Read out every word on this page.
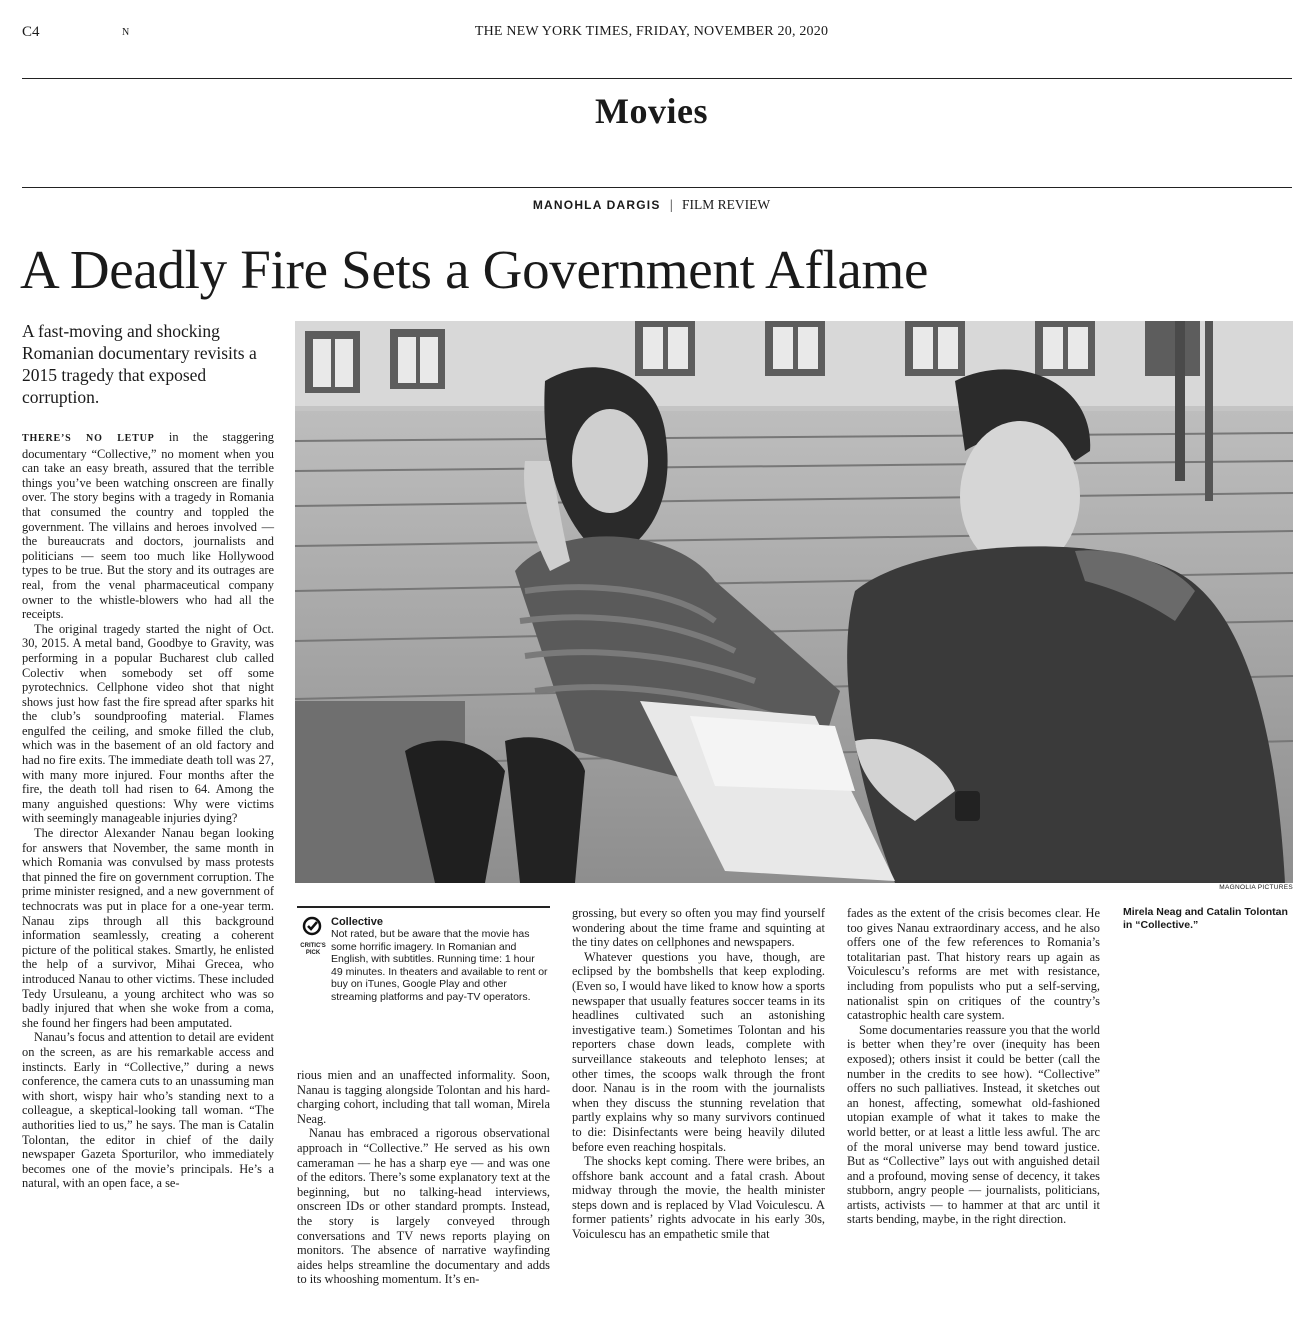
C4	N	THE NEW YORK TIMES, FRIDAY, NOVEMBER 20, 2020
Movies
MANOHLA DARGIS | FILM REVIEW
A Deadly Fire Sets a Government Aflame
A fast-moving and shocking Romanian documentary revisits a 2015 tragedy that exposed corruption.
MAGNOLIA PICTURES
Mirela Neag and Catalin Tolontan in “Collective.”

THERE’S NO LETUP in the staggering documentary “Collective,” no moment when you can take an easy breath, assured that the terrible things you’ve been watching onscreen are finally over. The story begins with a tragedy in Romania that consumed the country and toppled the government. The villains and heroes involved — the bureaucrats and doctors, journalists and politicians — seem too much like Hollywood types to be true. But the story and its outrages are real, from the venal pharmaceutical company owner to the whistle-blowers who had all the receipts.

The original tragedy started the night of Oct. 30, 2015. A metal band, Goodbye to Gravity, was performing in a popular Bucharest club called Colectiv when somebody set off some pyrotechnics. Cellphone video shot that night shows just how fast the fire spread after sparks hit the club’s soundproofing material. Flames engulfed the ceiling, and smoke filled the club, which was in the basement of an old factory and had no fire exits. The immediate death toll was 27, with many more injured. Four months after the fire, the death toll had risen to 64. Among the many anguished questions: Why were victims with seemingly manageable injuries dying?

The director Alexander Nanau began looking for answers that November, the same month in which Romania was convulsed by mass protests that pinned the fire on government corruption. The prime minister resigned, and a new government of technocrats was put in place for a one-year term. Nanau zips through all this background information seamlessly, creating a coherent picture of the political stakes. Smartly, he enlisted the help of a survivor, Mihai Grecea, who introduced Nanau to other victims. These included Tedy Ursuleanu, a young architect who was so badly injured that when she woke from a coma, she found her fingers had been amputated.

Nanau’s focus and attention to detail are evident on the screen, as are his remarkable access and instincts. Early in “Collective,” during a news conference, the camera cuts to an unassuming man with short, wispy hair who’s standing next to a colleague, a skeptical-looking tall woman. “The authorities lied to us,” he says. The man is Catalin Tolontan, the editor in chief of the daily newspaper Gazeta Sporturilor, who immediately becomes one of the movie’s principals. He’s a natural, with an open face, a se-

Collective
Not rated, but be aware that the movie has some horrific imagery. In Romanian and English, with subtitles. Running time: 1 hour 49 minutes. In theaters and available to rent or buy on iTunes, Google Play and other streaming platforms and pay-TV operators.
CRITIC'S
PICK

rious mien and an unaffected informality. Soon, Nanau is tagging alongside Tolontan and his hard-charging cohort, including that tall woman, Mirela Neag.

Nanau has embraced a rigorous observational approach in “Collective.” He served as his own cameraman — he has a sharp eye — and was one of the editors. There’s some explanatory text at the beginning, but no talking-head interviews, onscreen IDs or other standard prompts. Instead, the story is largely conveyed through conversations and TV news reports playing on monitors. The absence of narrative wayfinding aides helps streamline the documentary and adds to its whooshing momentum. It’s en-

grossing, but every so often you may find yourself wondering about the time frame and squinting at the tiny dates on cellphones and newspapers.

Whatever questions you have, though, are eclipsed by the bombshells that keep exploding. (Even so, I would have liked to know how a sports newspaper that usually features soccer teams in its headlines cultivated such an astonishing investigative team.) Sometimes Tolontan and his reporters chase down leads, complete with surveillance stakeouts and telephoto lenses; at other times, the scoops walk through the front door. Nanau is in the room with the journalists when they discuss the stunning revelation that partly explains why so many survivors continued to die: Disinfectants were being heavily diluted before even reaching hospitals.

The shocks kept coming. There were bribes, an offshore bank account and a fatal crash. About midway through the movie, the health minister steps down and is replaced by Vlad Voiculescu. A former patients’ rights advocate in his early 30s, Voiculescu has an empathetic smile that

fades as the extent of the crisis becomes clear. He too gives Nanau extraordinary access, and he also offers one of the few references to Romania’s totalitarian past. That history rears up again as Voiculescu’s reforms are met with resistance, including from populists who put a self-serving, nationalist spin on critiques of the country’s catastrophic health care system.

Some documentaries reassure you that the world is better when they’re over (inequity has been exposed); others insist it could be better (call the number in the credits to see how). “Collective” offers no such palliatives. Instead, it sketches out an honest, affecting, somewhat old-fashioned utopian example of what it takes to make the world better, or at least a little less awful. The arc of the moral universe may bend toward justice. But as “Collective” lays out with anguished detail and a profound, moving sense of decency, it takes stubborn, angry people — journalists, politicians, artists, activists — to hammer at that arc until it starts bending, maybe, in the right direction.
